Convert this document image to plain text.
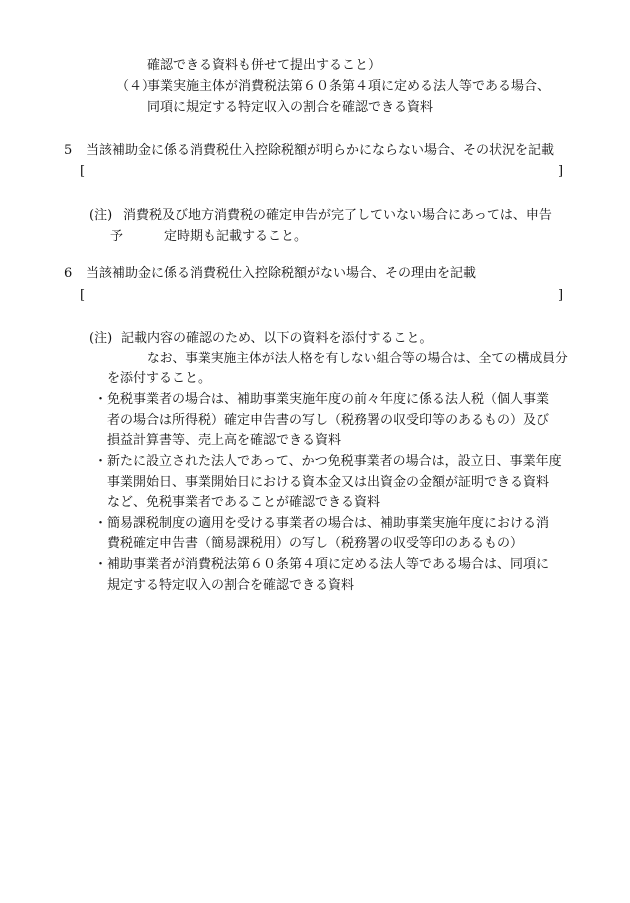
確認できる資料も併せて提出すること）
（４）
事業実施主体が消費税法第６０条第４項に定める法人等である場合、
同項に規定する特定収入の割合を確認できる資料
5 当該補助金に係る消費税仕入控除税額が明らかにならない場合、その状況を記載
[	]
(注) 消費税及び地方消費税の確定申告が完了していない場合にあっては、申告
予	定時期も記載すること。
6 当該補助金に係る消費税仕入控除税額がない場合、その理由を記載
[	]
(注) 記載内容の確認のため、以下の資料を添付すること。
なお、事業実施主体が法人格を有しない組合等の場合は、全ての構成員分
を添付すること。
・ 免税事業者の場合は、補助事業実施年度の前々年度に係る法人税（個人事業
者の場合は所得税）確定申告書の写し（税務署の収受印等のあるもの）及び
損益計算書等、売上高を確認できる資料
・ 新たに設立された法人であって、かつ免税事業者の場合は，設立日、事業年度
事業開始日、事業開始日における資本金又は出資金の金額が証明できる資料
など、免税事業者であることが確認できる資料
・ 簡易課税制度の適用を受ける事業者の場合は、補助事業実施年度における消
費税確定申告書（簡易課税用）の写し（税務署の収受等印のあるもの）
・ 補助事業者が消費税法第６０条第４項に定める法人等である場合は、同項に
規定する特定収入の割合を確認できる資料
